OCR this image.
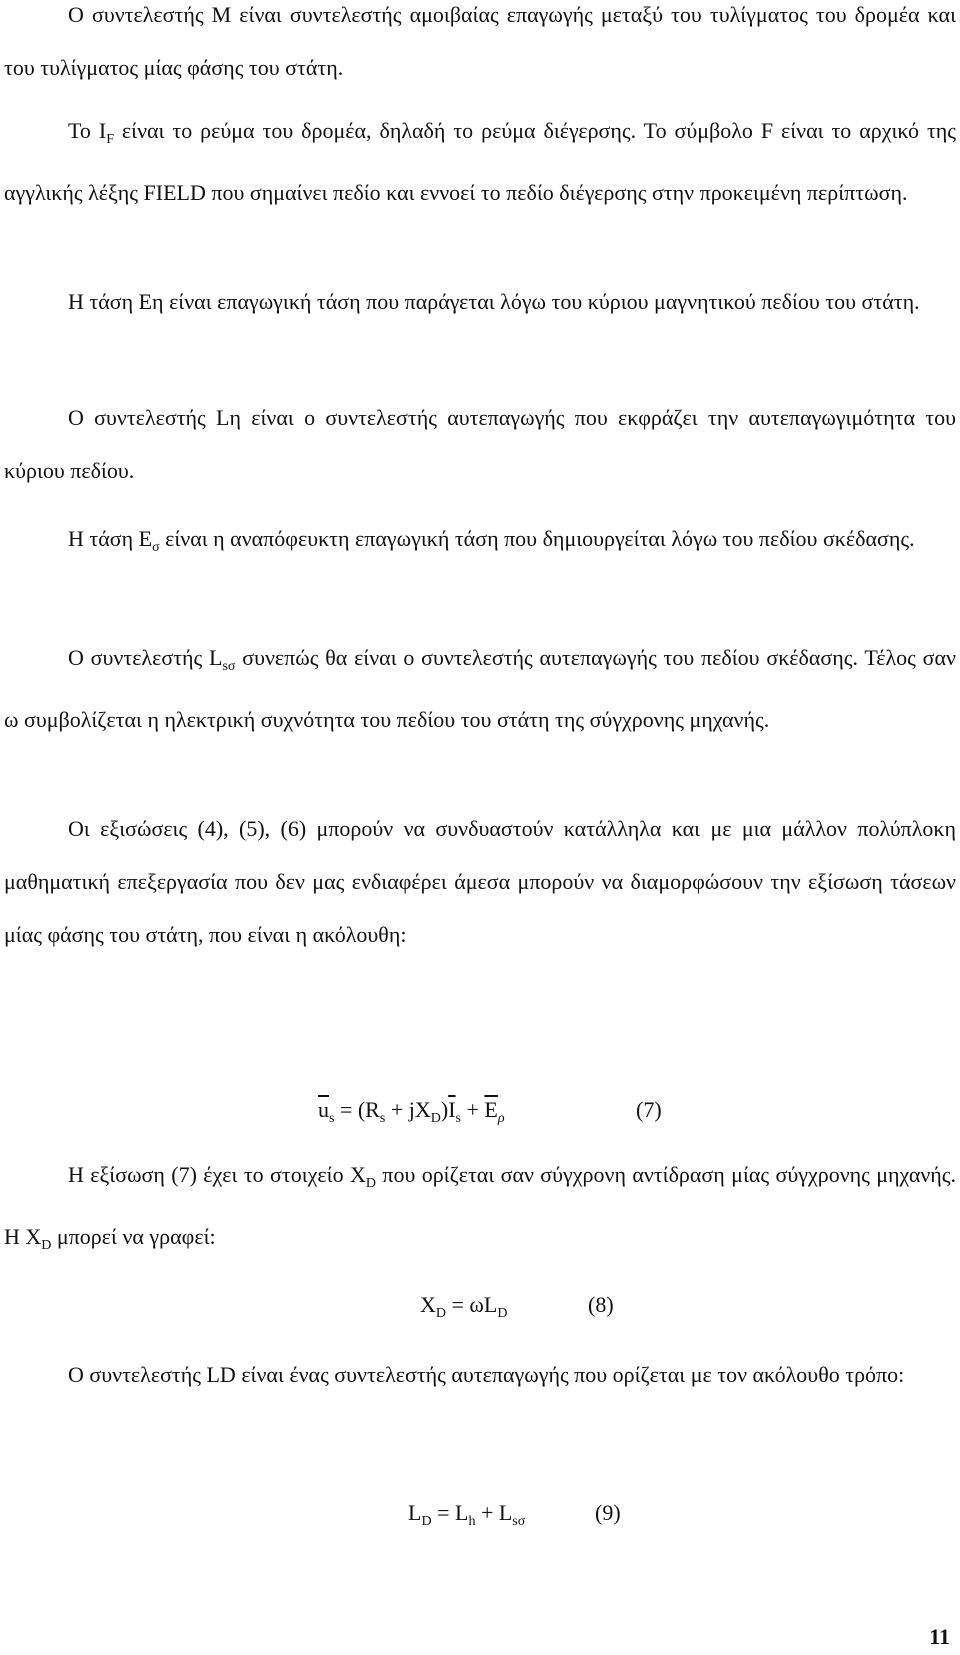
Ο συντελεστής M είναι συντελεστής αμοιβαίας επαγωγής μεταξύ του τυλίγματος του δρομέα και του τυλίγματος μίας φάσης του στάτη.

Το $I_F$ είναι το ρεύμα του δρομέα, δηλαδή το ρεύμα διέγερσης. Το σύμβολο F είναι το αρχικό της αγγλικής λέξης FIELD που σημαίνει πεδίο και εννοεί το πεδίο διέγερσης στην προκειμένη περίπτωση.

Η τάση Eη είναι επαγωγική τάση που παράγεται λόγω του κύριου μαγνητικού πεδίου του στάτη.

Ο συντελεστής Lη είναι ο συντελεστής αυτεπαγωγής που εκφράζει την αυτεπαγωγιμότητα του κύριου πεδίου.

Η τάση $E_\sigma$ είναι η αναπόφευκτη επαγωγική τάση που δημιουργείται λόγω του πεδίου σκέδασης.

Ο συντελεστής $L_{s\sigma}$ συνεπώς θα είναι ο συντελεστής αυτεπαγωγής του πεδίου σκέδασης. Τέλος σαν ω συμβολίζεται η ηλεκτρική συχνότητα του πεδίου του στάτη της σύγχρονης μηχανής.

Οι εξισώσεις (4), (5), (6) μπορούν να συνδυαστούν κατάλληλα και με μια μάλλον πολύπλοκη μαθηματική επεξεργασία που δεν μας ενδιαφέρει άμεσα μπορούν να διαμορφώσουν την εξίσωση τάσεων μίας φάσης του στάτη, που είναι η ακόλουθη:

$\overline{u}_s = (R_s + jX_D)\overline{I}_s + \overline{E}_\rho$	(7)

Η εξίσωση (7) έχει το στοιχείο $X_D$ που ορίζεται σαν σύγχρονη αντίδραση μίας σύγχρονης μηχανής. Η $X_D$ μπορεί να γραφεί:

$X_D = \omega L_D$	(8)

Ο συντελεστής LD είναι ένας συντελεστής αυτεπαγωγής που ορίζεται με τον ακόλουθο τρόπο:

$L_D = L_h + L_{s\sigma}$	(9)
11
